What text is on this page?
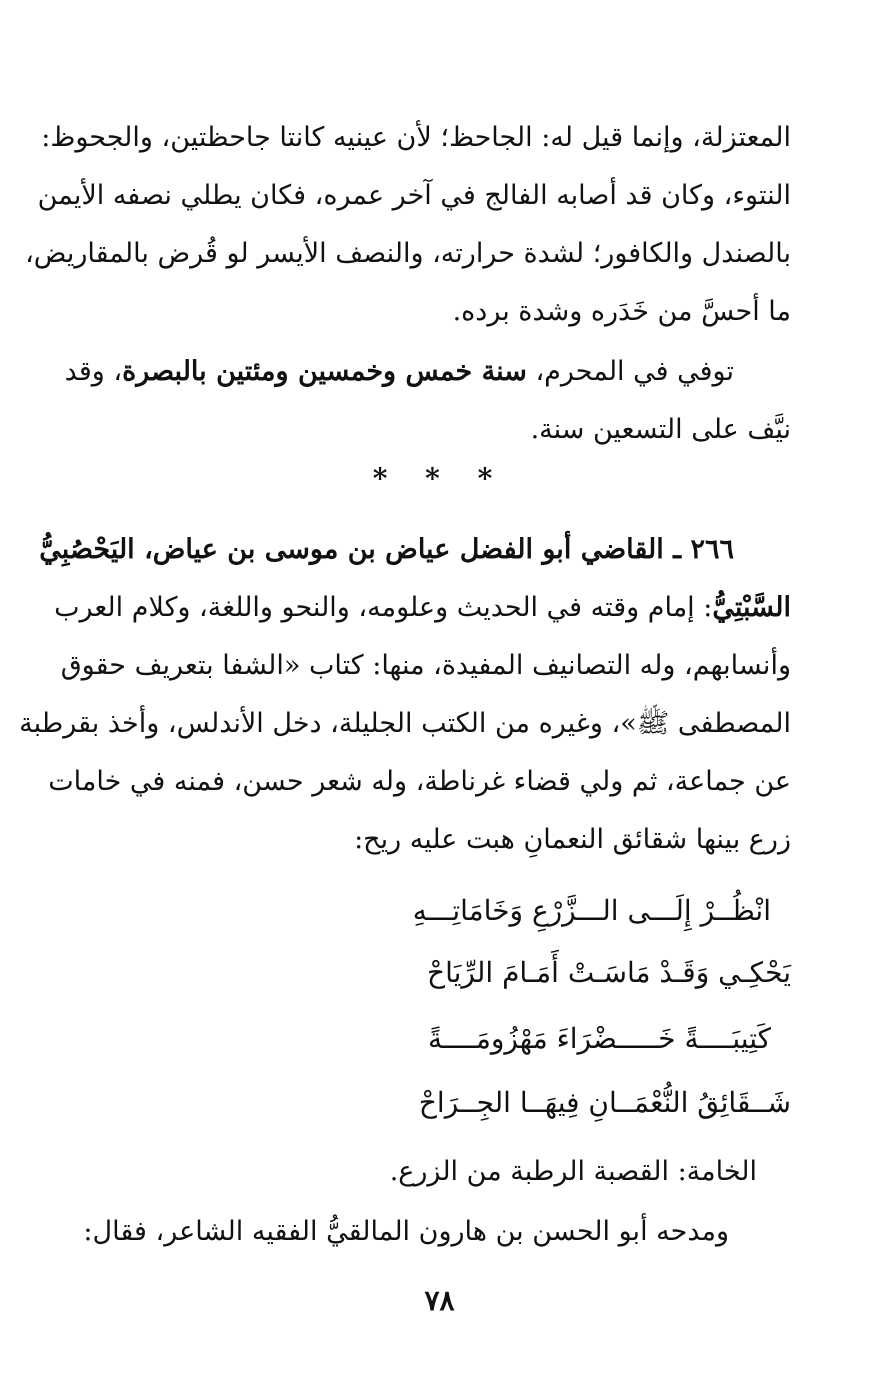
المعتزلة، وإنما قيل له: الجاحظ؛ لأن عينيه كانتا جاحظتين، والجحوظ:
النتوء، وكان قد أصابه الفالج في آخر عمره، فكان يطلي نصفه الأيمن
بالصندل والكافور؛ لشدة حرارته، والنصف الأيسر لو قُرض بالمقاريض،
ما أحسَّ من خَدَره وشدة برده.
توفي في المحرم، سنة خمس وخمسين ومئتين بالبصرة، وقد
نيَّف على التسعين سنة.
* * *
٢٦٦ ـ القاضي أبو الفضل عياض بن موسى بن عياض، اليَحْصُبِيُّ
السَّبْتِيُّ: إمام وقته في الحديث وعلومه، والنحو واللغة، وكلام العرب
وأنسابهم، وله التصانيف المفيدة، منها: كتاب «الشفا بتعريف حقوق
المصطفى ﷺ»، وغيره من الكتب الجليلة، دخل الأندلس، وأخذ بقرطبة
عن جماعة، ثم ولي قضاء غرناطة، وله شعر حسن، فمنه في خامات
زرع بينها شقائق النعمانِ هبت عليه ريح:
انْظُــرْ إِلَـــى الـــزَّرْعِ وَخَامَاتِـــهِ
يَحْكِـي وَقَـدْ مَاسَـتْ أَمَـامَ الرِّيَاحْ
كَتِيبَــــةً خَـــــضْرَاءَ مَهْزُومَــــةً
شَــقَائِقُ النُّعْمَــانِ فِيهَــا الجِــرَاحْ
الخامة: القصبة الرطبة من الزرع.
ومدحه أبو الحسن بن هارون المالقيُّ الفقيه الشاعر، فقال:
٧٨
